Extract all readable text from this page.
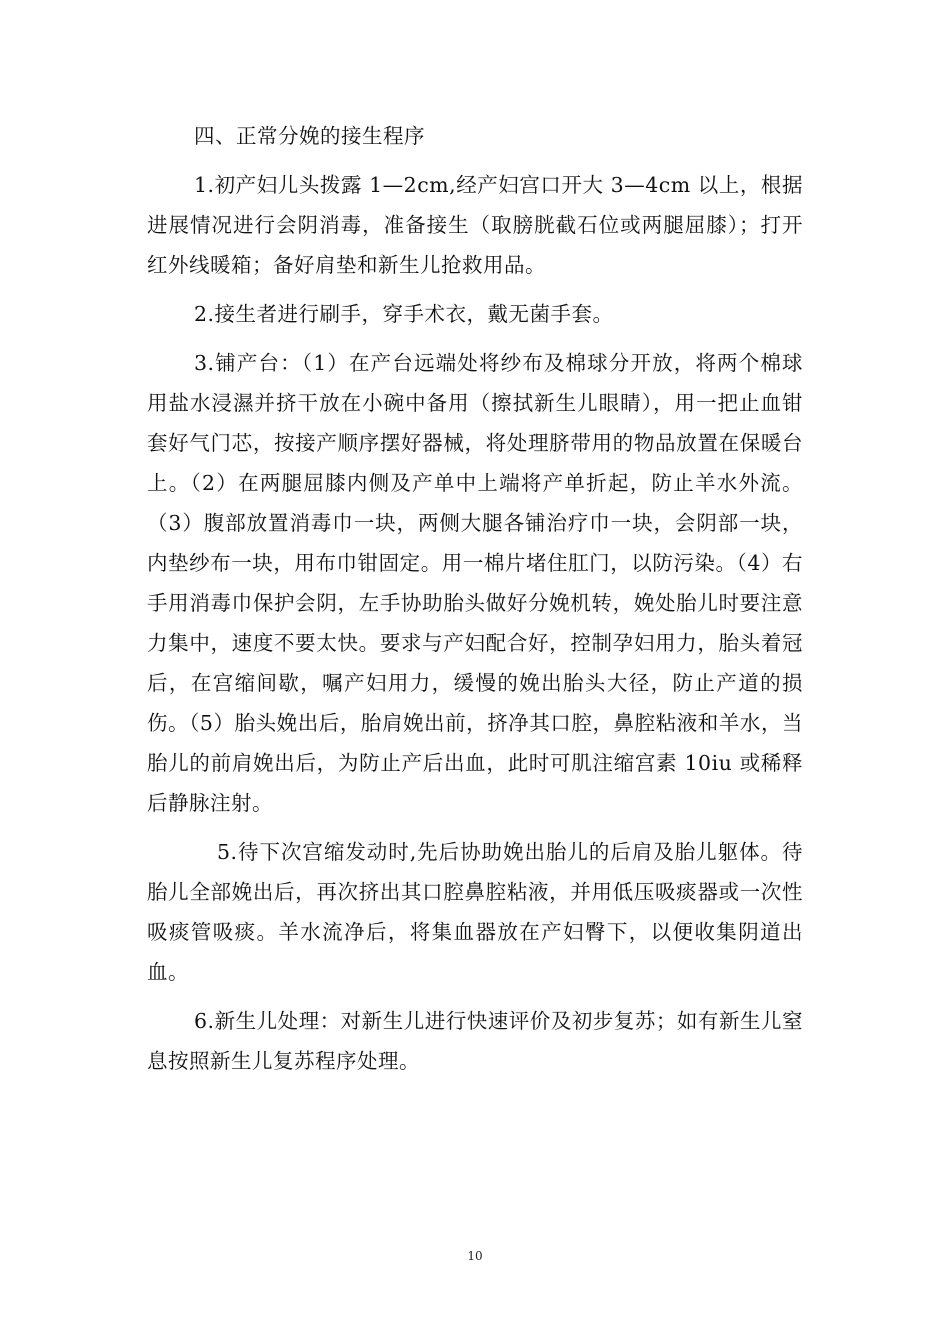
四、正常分娩的接生程序

1.初产妇儿头拨露 1—2cm,经产妇宫口开大 3—4cm 以上，根据进展情况进行会阴消毒，准备接生（取膀胱截石位或两腿屈膝）；打开红外线暖箱；备好肩垫和新生儿抢救用品。

2.接生者进行刷手，穿手术衣，戴无菌手套。

3.铺产台：（1）在产台远端处将纱布及棉球分开放，将两个棉球用盐水浸濕并挤干放在小碗中备用（擦拭新生儿眼睛），用一把止血钳套好气门芯，按接产顺序摆好器械，将处理脐带用的物品放置在保暖台上。（2）在两腿屈膝内侧及产单中上端将产单折起，防止羊水外流。（3）腹部放置消毒巾一块，两侧大腿各铺治疗巾一块，会阴部一块，内垫纱布一块，用布巾钳固定。用一棉片堵住肛门，以防污染。（4）右手用消毒巾保护会阴，左手协助胎头做好分娩机转，娩处胎儿时要注意力集中，速度不要太快。要求与产妇配合好，控制孕妇用力，胎头着冠后，在宫缩间歇，嘱产妇用力，缓慢的娩出胎头大径，防止产道的损伤。（5）胎头娩出后，胎肩娩出前，挤净其口腔，鼻腔粘液和羊水，当胎儿的前肩娩出后，为防止产后出血，此时可肌注缩宫素 10iu 或稀释后静脉注射。

5.待下次宫缩发动时,先后协助娩出胎儿的后肩及胎儿躯体。待胎儿全部娩出后，再次挤出其口腔鼻腔粘液，并用低压吸痰器或一次性吸痰管吸痰。羊水流净后，将集血器放在产妇臀下，以便收集阴道出血。

6.新生儿处理：对新生儿进行快速评价及初步复苏；如有新生儿窒息按照新生儿复苏程序处理。

10
